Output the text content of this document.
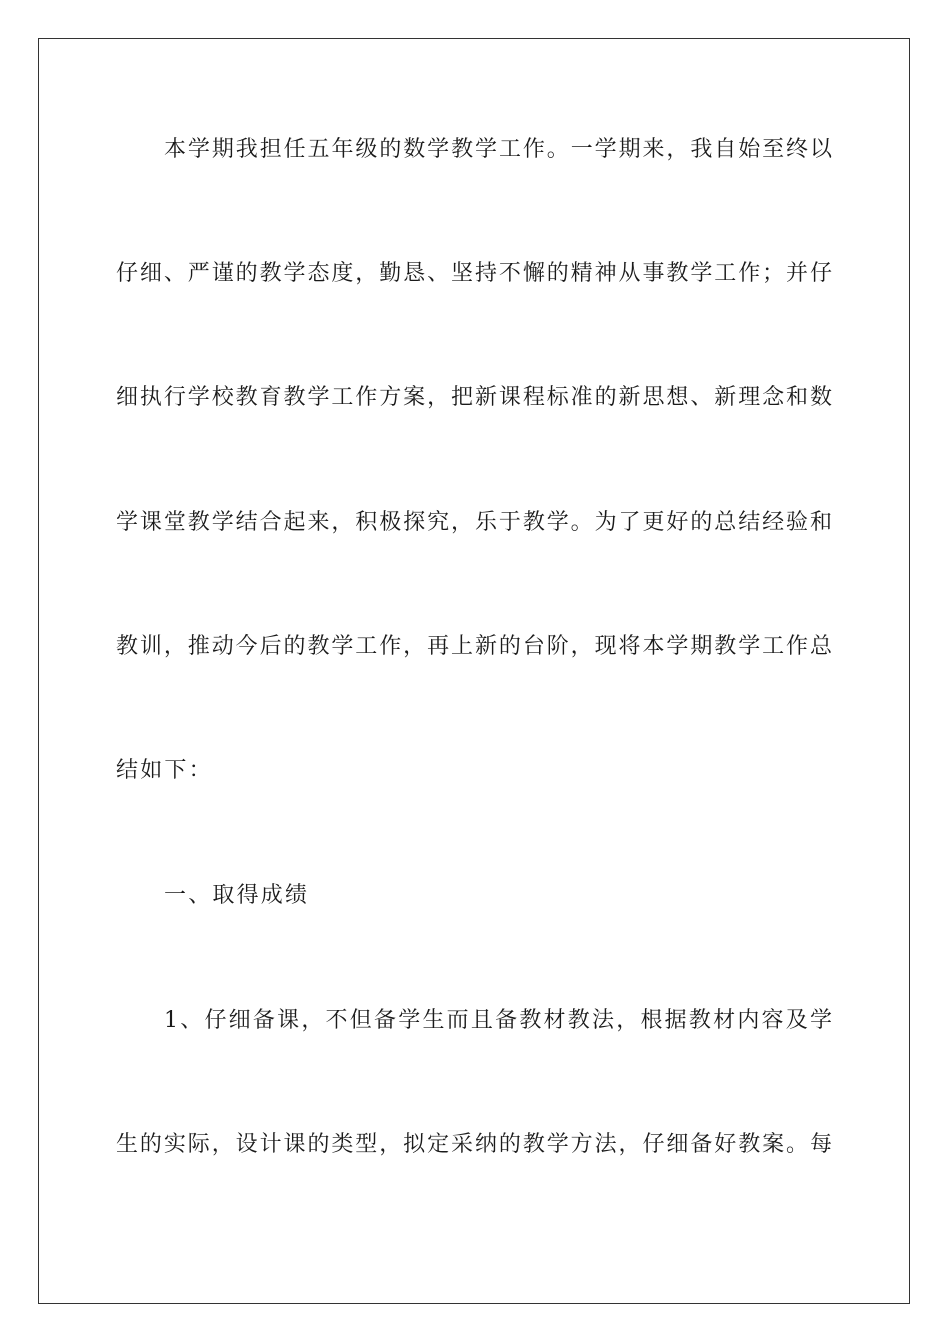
本学期我担任五年级的数学教学工作。一学期来，我自始至终以
仔细、严谨的教学态度，勤恳、坚持不懈的精神从事教学工作；并仔
细执行学校教育教学工作方案，把新课程标准的新思想、新理念和数
学课堂教学结合起来，积极探究，乐于教学。为了更好的总结经验和
教训，推动今后的教学工作，再上新的台阶，现将本学期教学工作总
结如下：
一、取得成绩
1、仔细备课，不但备学生而且备教材教法，根据教材内容及学
生的实际，设计课的类型，拟定采纳的教学方法，仔细备好教案。每
